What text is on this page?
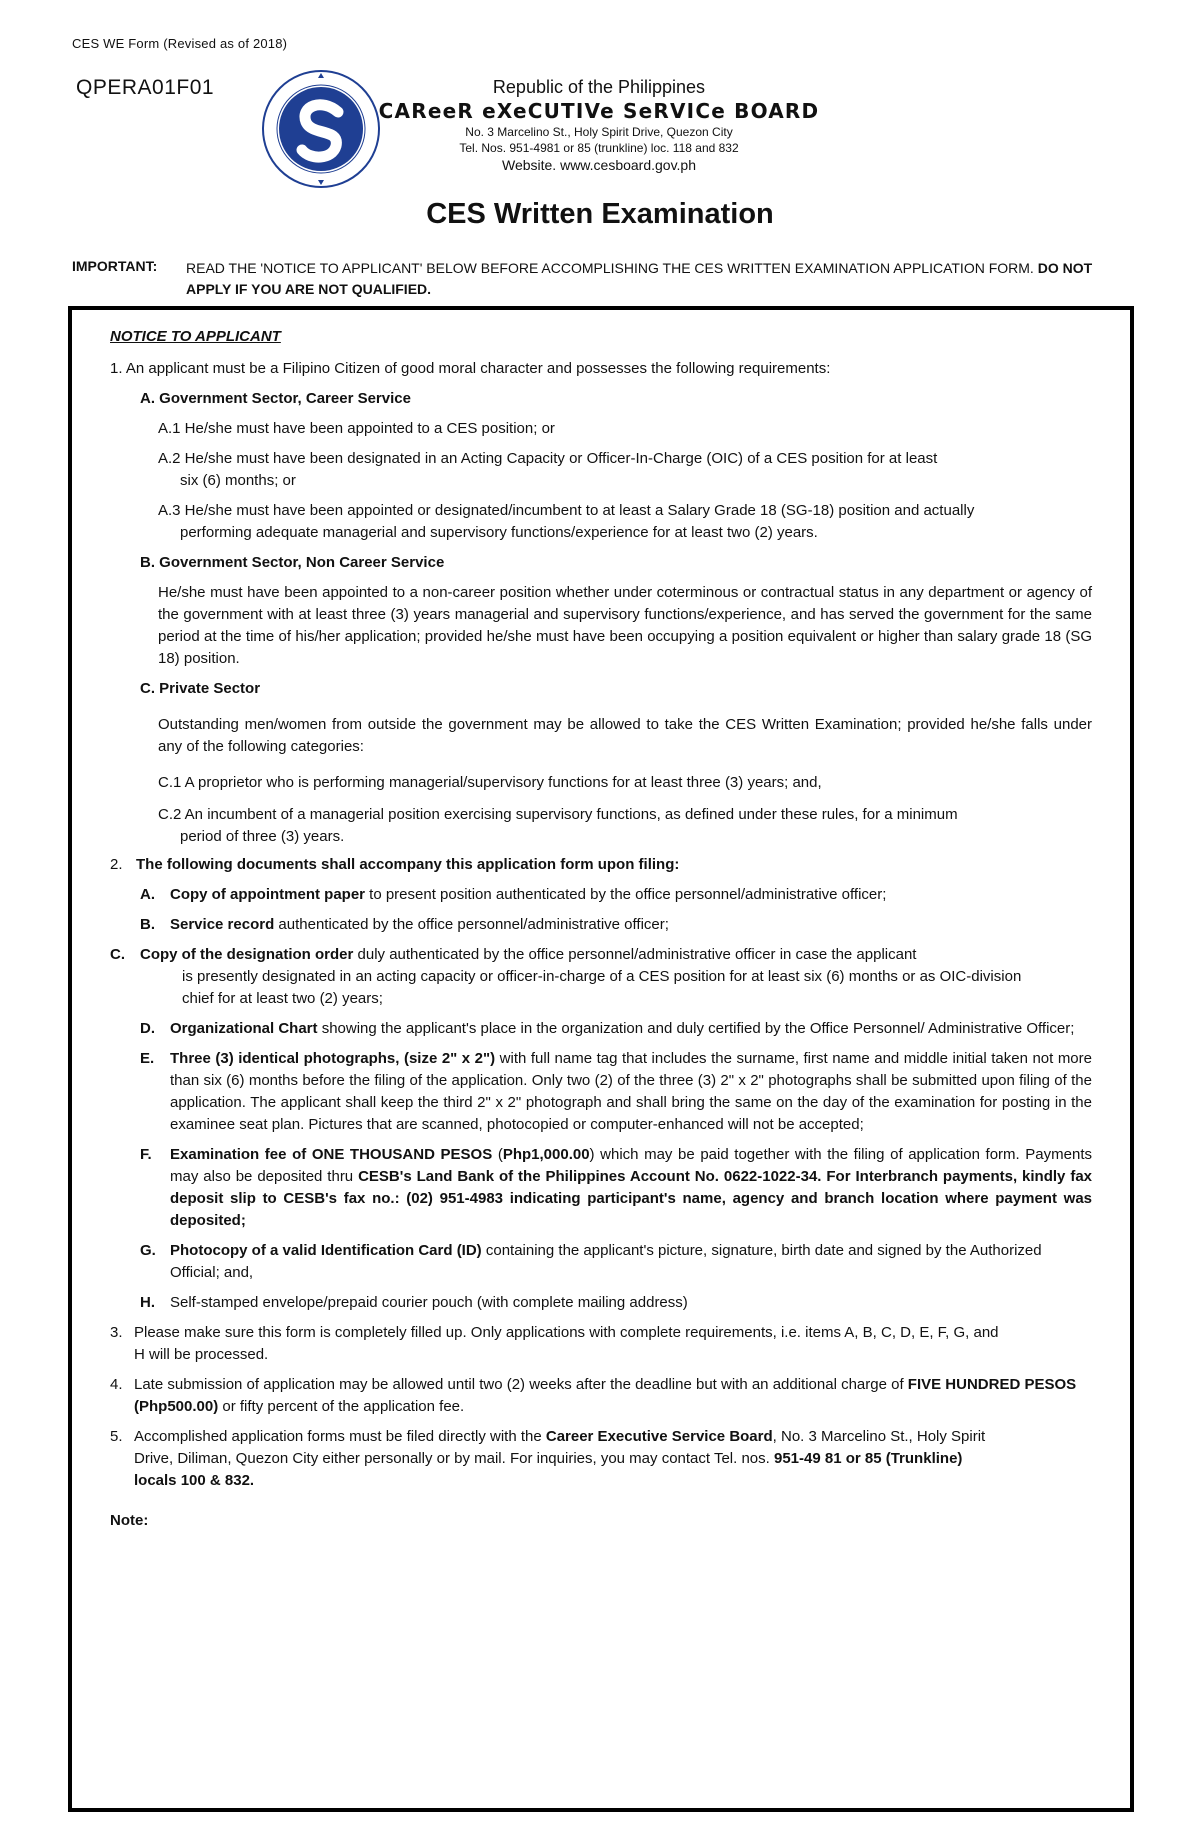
CES WE Form (Revised as of 2018)
QPERA01F01	Republic of the Philippines
CAReeR eXeCUTIVe SeRVICe BOARD
No. 3 Marcelino St., Holy Spirit Drive, Quezon City
Tel. Nos. 951-4981 or 85 (trunkline) loc. 118 and 832
Website. www.cesboard.gov.ph
CES Written Examination
IMPORTANT: READ THE 'NOTICE TO APPLICANT' BELOW BEFORE ACCOMPLISHING THE CES WRITTEN EXAMINATION APPLICATION FORM. DO NOT APPLY IF YOU ARE NOT QUALIFIED.
NOTICE TO APPLICANT

1. An applicant must be a Filipino Citizen of good moral character and possesses the following requirements:

A. Government Sector, Career Service

A.1 He/she must have been appointed to a CES position; or

A.2 He/she must have been designated in an Acting Capacity or Officer-In-Charge (OIC) of a CES position for at least

six (6) months; or

A.3 He/she must have been appointed or designated/incumbent to at least a Salary Grade 18 (SG-18) position and actually

performing adequate managerial and supervisory functions/experience for at least two (2) years.

B. Government Sector, Non Career Service

He/she must have been appointed to a non-career position whether under coterminous or contractual status in any department or agency of the government with at least three (3) years managerial and supervisory functions/experience, and has served the government for the same period at the time of his/her application; provided he/she must have been occupying a position equivalent or higher than salary grade 18 (SG 18) position.

C. Private Sector

Outstanding men/women from outside the government may be allowed to take the CES Written Examination; provided he/she falls under any of the following categories:

C.1 A proprietor who is performing managerial/supervisory functions for at least three (3) years; and,

C.2 An incumbent of a managerial position exercising supervisory functions, as defined under these rules, for a minimum

period of three (3) years.

2. The following documents shall accompany this application form upon filing:
A.	Copy of appointment paper to present position authenticated by the office personnel/administrative officer;
B.	Service record authenticated by the office personnel/administrative officer;
C. Copy of the designation order duly authenticated by the office personnel/administrative officer in case the applicant
is presently designated in an acting capacity or officer-in-charge of a CES position for at least six (6) months or as OIC-division
chief for at least two (2) years;
D.	Organizational Chart showing the applicant's place in the organization and duly certified by the Office Personnel/ Administrative Officer;
E.	Three (3) identical photographs, (size 2" x 2") with full name tag that includes the surname, first name and middle initial taken not more than six (6) months before the filing of the application. Only two (2) of the three (3) 2" x 2" photographs shall be submitted upon filing of the application. The applicant shall keep the third 2" x 2" photograph and shall bring the same on the day of the examination for posting in the examinee seat plan. Pictures that are scanned, photocopied or computer-enhanced will not be accepted;
F.	Examination fee of ONE THOUSAND PESOS (Php1,000.00) which may be paid together with the filing of application form. Payments may also be deposited thru CESB's Land Bank of the Philippines Account No. 0622-1022-34. For Interbranch payments, kindly fax deposit slip to CESB's fax no.: (02) 951-4983 indicating participant's name, agency and branch location where payment was deposited;
G. Photocopy of a valid Identification Card (ID) containing the applicant's picture, signature, birth date and signed by the Authorized Official; and,
H.	Self-stamped envelope/prepaid courier pouch (with complete mailing address)
3. Please make sure this form is completely filled up. Only applications with complete requirements, i.e. items A, B, C, D, E, F, G, and H will be processed.
4. Late submission of application may be allowed until two (2) weeks after the deadline but with an additional charge of FIVE HUNDRED PESOS (Php500.00) or fifty percent of the application fee.
5. Accomplished application forms must be filed directly with the Career Executive Service Board, No. 3 Marcelino St., Holy Spirit Drive, Diliman, Quezon City either personally or by mail. For inquiries, you may contact Tel. nos. 951-49 81 or 85 (Trunkline) locals 100 & 832.
Note:
